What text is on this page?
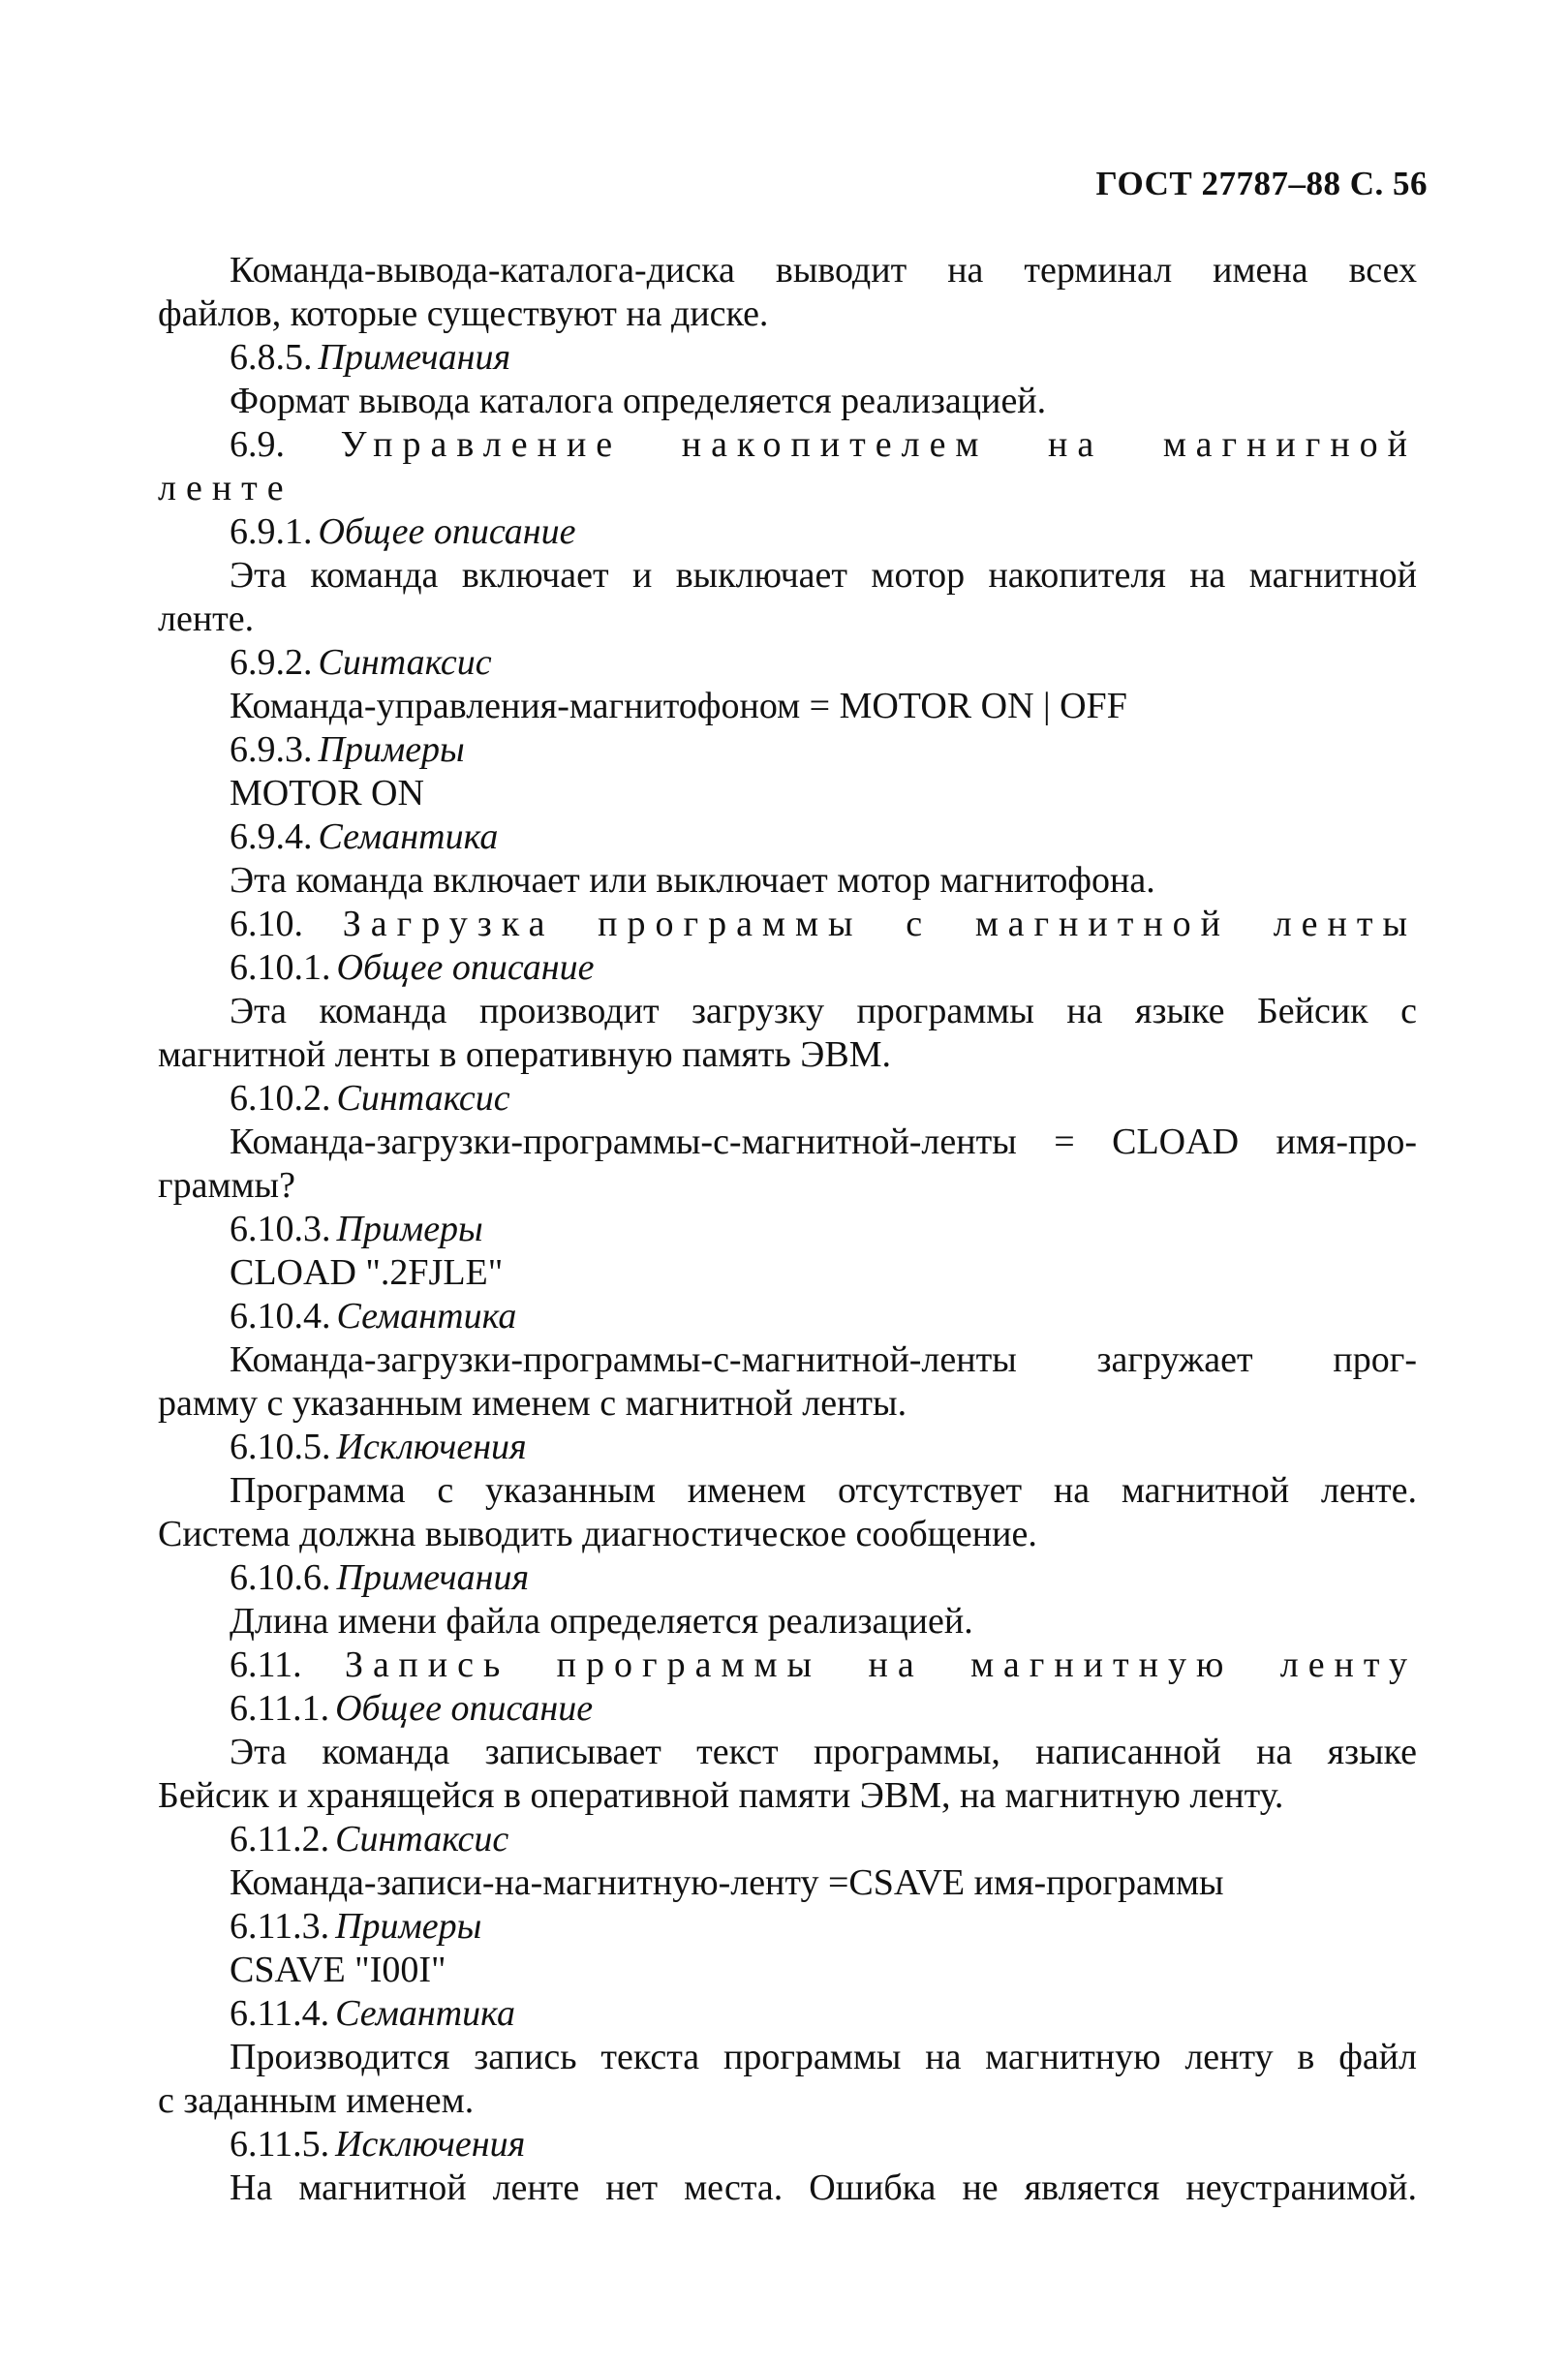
ГОСТ 27787–88 С. 56
Команда-вывода-каталога-диска выводит на терминал имена всех
файлов, которые существуют на диске.
6.8.5. Примечания
Формат вывода каталога определяется реализацией.
6.9. Управление накопителем на магнигной
ленте
6.9.1. Общее описание
Эта команда включает и выключает мотор накопителя на магнитной
ленте.
6.9.2. Синтаксис
Команда-управления-магнитофоном = MOTOR ON | OFF
6.9.3. Примеры
MOTOR ON
6.9.4. Семантика
Эта команда включает или выключает мотор магнитофона.
6.10. Загрузка программы с магнитной ленты
6.10.1. Общее описание
Эта команда производит загрузку программы на языке Бейсик с
магнитной ленты в оперативную память ЭВМ.
6.10.2. Синтаксис
Команда-загрузки-программы-с-магнитной-ленты = CLOAD имя-про-
граммы?
6.10.3. Примеры
CLOAD ".2FJLE"
6.10.4. Семантика
Команда-загрузки-программы-с-магнитной-ленты загружает прог-
рамму с указанным именем с магнитной ленты.
6.10.5. Исключения
Программа с указанным именем отсутствует на магнитной ленте.
Система должна выводить диагностическое сообщение.
6.10.6. Примечания
Длина имени файла определяется реализацией.
6.11. Запись программы на магнитную ленту
6.11.1. Общее описание
Эта команда записывает текст программы, написанной на языке
Бейсик и хранящейся в оперативной памяти ЭВМ, на магнитную ленту.
6.11.2. Синтаксис
Команда-записи-на-магнитную-ленту =CSAVE имя-программы
6.11.3. Примеры
CSAVE "I00I"
6.11.4. Семантика
Производится запись текста программы на магнитную ленту в файл
с заданным именем.
6.11.5. Исключения
На магнитной ленте нет места. Ошибка не является неустранимой.
